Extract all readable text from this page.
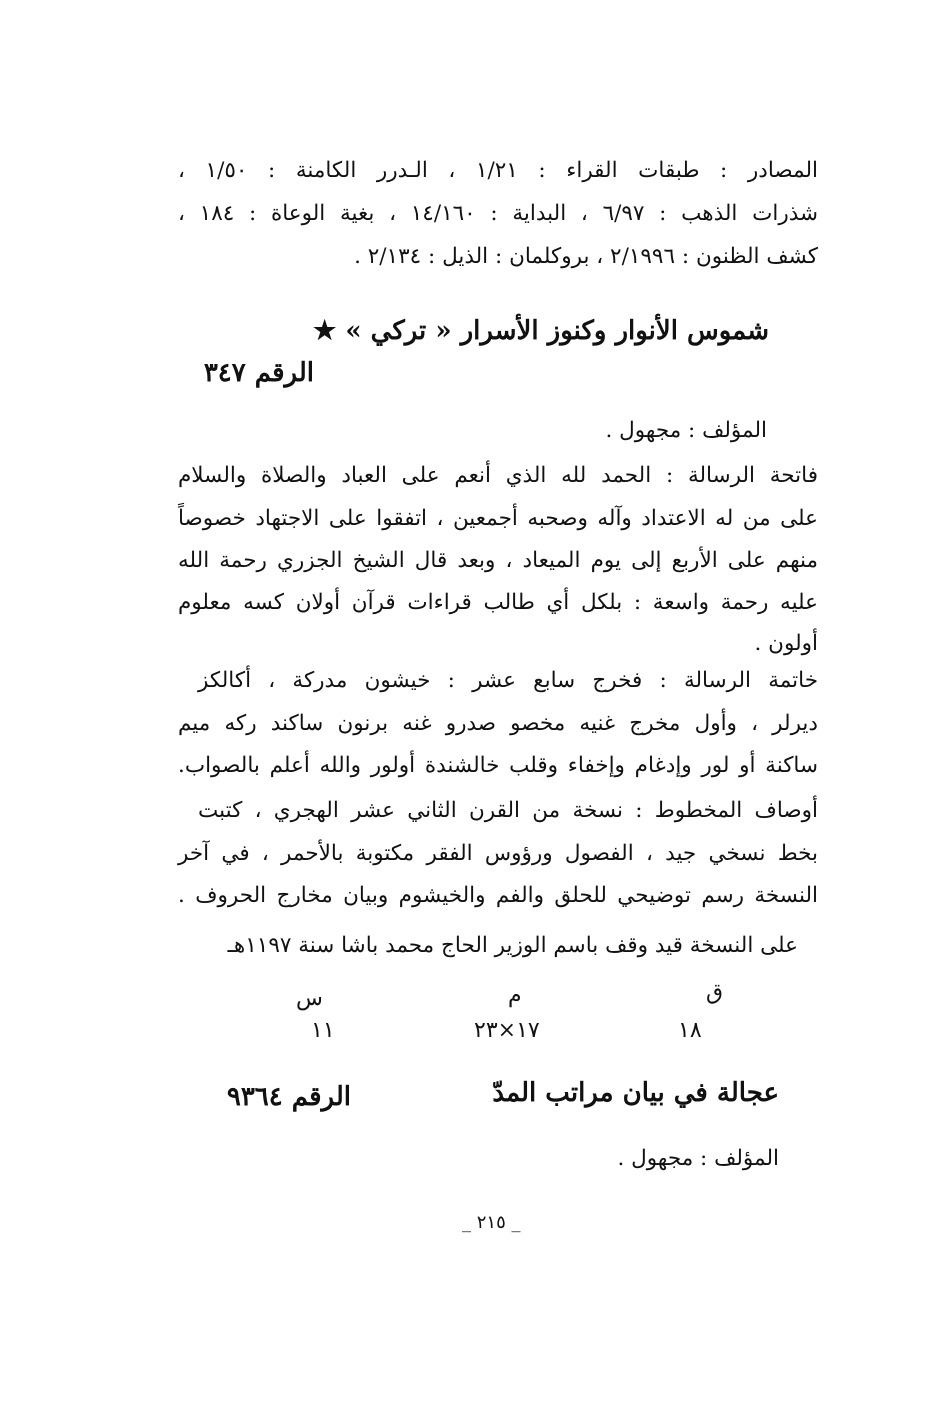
المصادر : طبقات القراء : ١/٢١ ، الـدرر الكامنة : ١/٥٠ ،
شذرات الذهب : ٦/٩٧ ، البداية : ١٤/١٦٠ ، بغية الوعاة : ١٨٤ ،
كشف الظنون : ٢/١٩٩٦ ، بروكلمان : الذيل : ٢/١٣٤ .
شموس الأنوار وكنوز الأسرار « تركي » ★
الرقم ٣٤٧
المؤلف : مجهول .
فاتحة الرسالة : الحمد لله الذي أنعم على العباد والصلاة والسلام
على من له الاعتداد وآله وصحبه أجمعين ، اتفقوا على الاجتهاد خصوصاً
منهم على الأربع إلى يوم الميعاد ، وبعد قال الشيخ الجزري رحمة الله
عليه رحمة واسعة : بلكل أي طالب قراءات قرآن أولان كسه معلوم
أولون .
خاتمة الرسالة : فخرج سابع عشر : خيشون مدركة ، أكالكز
ديرلر ، وأول مخرج غنيه مخصو صدرو غنه برنون ساكند ركه ميم
ساكنة أو لور وإدغام وإخفاء وقلب خالشندة أولور والله أعلم بالصواب.
أوصاف المخطوط : نسخة من القرن الثاني عشر الهجري ، كتبت
بخط نسخي جيد ، الفصول ورؤوس الفقر مكتوبة بالأحمر ، في آخر
النسخة رسم توضيحي للحلق والفم والخيشوم وبيان مخارج الحروف .
على النسخة قيد وقف باسم الوزير الحاج محمد باشا سنة ١١٩٧هـ
ق
م
س
١٨
١٧×٢٣
١١
عجالة في بيان مراتب المدّ
الرقم ٩٣٦٤
المؤلف : مجهول .
_ ٢١٥ _
